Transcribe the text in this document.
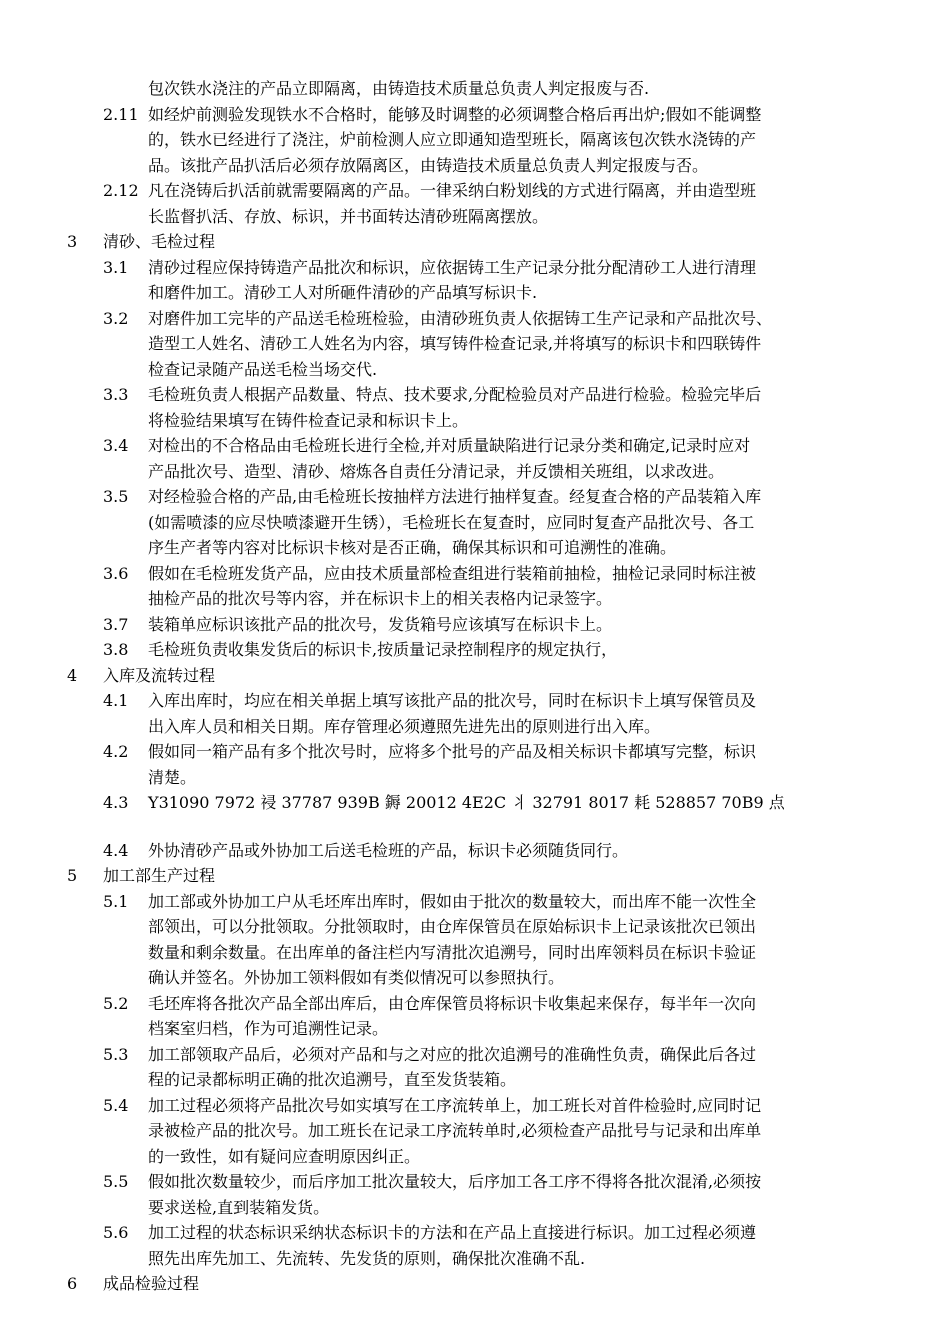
包次铁水浇注的产品立即隔离，由铸造技术质量总负责人判定报废与否.
2.11 如经炉前测验发现铁水不合格时，能够及时调整的必须调整合格后再出炉;假如不能调整
的，铁水已经进行了浇注，炉前检测人应立即通知造型班长，隔离该包次铁水浇铸的产
品。该批产品扒活后必须存放隔离区，由铸造技术质量总负责人判定报废与否。
2.12 凡在浇铸后扒活前就需要隔离的产品。一律采纳白粉划线的方式进行隔离，并由造型班
长监督扒活、存放、标识，并书面转达清砂班隔离摆放。
3 清砂、毛检过程
3.1 清砂过程应保持铸造产品批次和标识，应依据铸工生产记录分批分配清砂工人进行清理
和磨件加工。清砂工人对所砸件清砂的产品填写标识卡.
3.2 对磨件加工完毕的产品送毛检班检验，由清砂班负责人依据铸工生产记录和产品批次号、
造型工人姓名、清砂工人姓名为内容，填写铸件检查记录,并将填写的标识卡和四联铸件
检查记录随产品送毛检当场交代.
3.3 毛检班负责人根据产品数量、特点、技术要求,分配检验员对产品进行检验。检验完毕后
将检验结果填写在铸件检查记录和标识卡上。
3.4 对检出的不合格品由毛检班长进行全检,并对质量缺陷进行记录分类和确定,记录时应对
产品批次号、造型、清砂、熔炼各自责任分清记录，并反馈相关班组，以求改进。
3.5 对经检验合格的产品,由毛检班长按抽样方法进行抽样复查。经复查合格的产品装箱入库
(如需喷漆的应尽快喷漆避开生锈），毛检班长在复查时，应同时复查产品批次号、各工
序生产者等内容对比标识卡核对是否正确，确保其标识和可追溯性的准确。
3.6 假如在毛检班发货产品，应由技术质量部检查组进行装箱前抽检，抽检记录同时标注被
抽检产品的批次号等内容，并在标识卡上的相关表格内记录签字。
3.7 装箱单应标识该批产品的批次号，发货箱号应该填写在标识卡上。
3.8 毛检班负责收集发货后的标识卡,按质量记录控制程序的规定执行，
4 入库及流转过程
4.1 入库出库时，均应在相关单据上填写该批产品的批次号，同时在标识卡上填写保管员及
出入库人员和相关日期。库存管理必须遵照先进先出的原则进行出入库。
4.2 假如同一箱产品有多个批次号时，应将多个批号的产品及相关标识卡都填写完整，标识
清楚。
4.3 Y31090 7972 祲 37787 939B 鎒 20012 4E2C 丬 32791 8017 耗 528857 70B9 点
4.4 外协清砂产品或外协加工后送毛检班的产品，标识卡必须随货同行。
5 加工部生产过程
5.1 加工部或外协加工户从毛坯库出库时，假如由于批次的数量较大，而出库不能一次性全
部领出，可以分批领取。分批领取时，由仓库保管员在原始标识卡上记录该批次已领出
数量和剩余数量。在出库单的备注栏内写清批次追溯号，同时出库领料员在标识卡验证
确认并签名。外协加工领料假如有类似情况可以参照执行。
5.2 毛坯库将各批次产品全部出库后，由仓库保管员将标识卡收集起来保存，每半年一次向
档案室归档，作为可追溯性记录。
5.3 加工部领取产品后，必须对产品和与之对应的批次追溯号的准确性负责，确保此后各过
程的记录都标明正确的批次追溯号，直至发货装箱。
5.4 加工过程必须将产品批次号如实填写在工序流转单上，加工班长对首件检验时,应同时记
录被检产品的批次号。加工班长在记录工序流转单时,必须检查产品批号与记录和出库单
的一致性，如有疑问应查明原因纠正。
5.5 假如批次数量较少，而后序加工批次量较大，后序加工各工序不得将各批次混淆,必须按
要求送检,直到装箱发货。
5.6 加工过程的状态标识采纳状态标识卡的方法和在产品上直接进行标识。加工过程必须遵
照先出库先加工、先流转、先发货的原则，确保批次准确不乱.
6 成品检验过程
